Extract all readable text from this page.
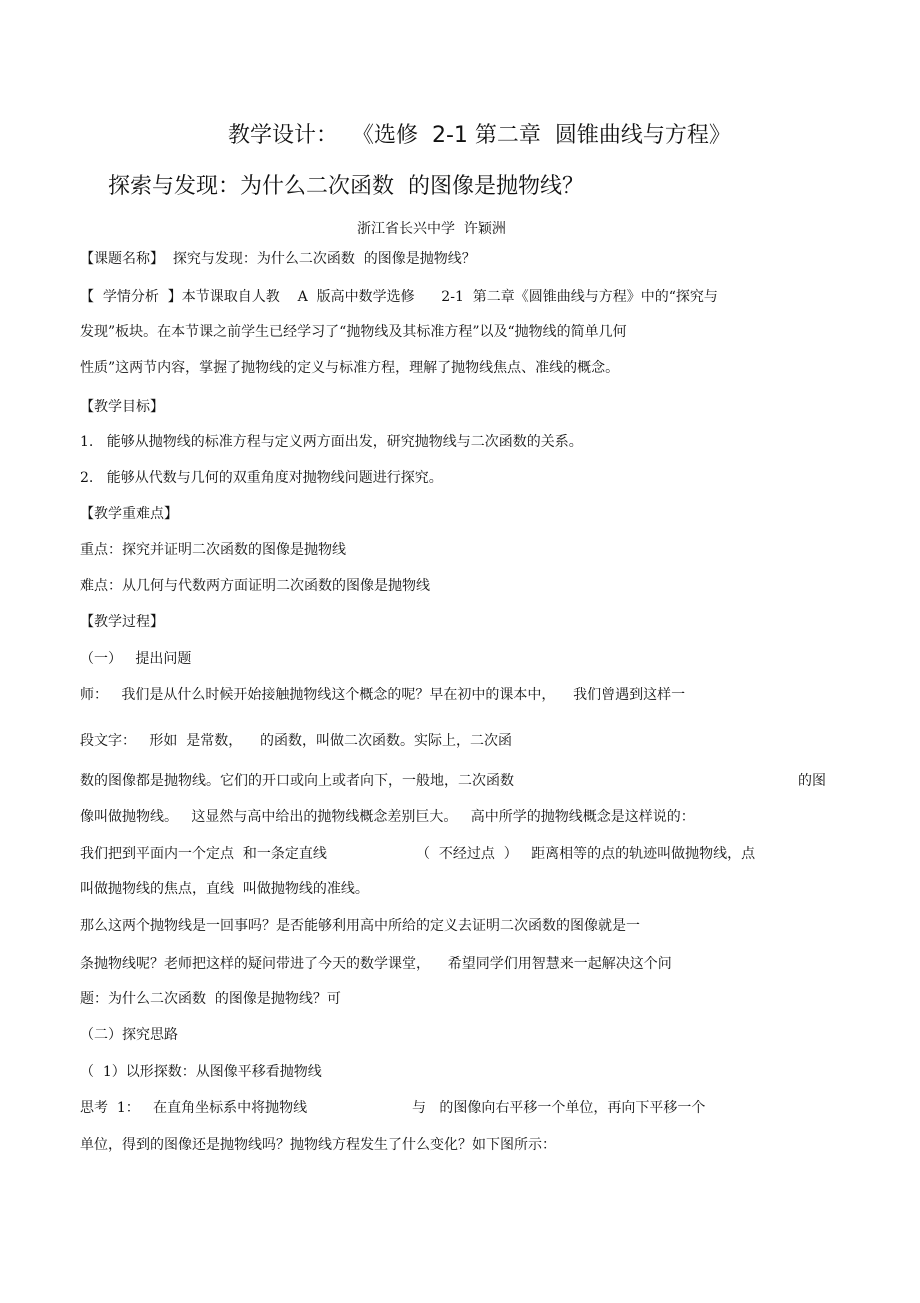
教学设计：  《选修  2-1 第二章  圆锥曲线与方程》
探索与发现：为什么二次函数  的图像是抛物线？
浙江省长兴中学  许颖洲
【课题名称】  探究与发现：为什么二次函数  的图像是抛物线？
【  学情分析  】本节课取自人教    A  版高中数学选修      2-1  第二章《圆锥曲线与方程》中的“探究与
发现”板块。在本节课之前学生已经学习了“抛物线及其标准方程”以及“抛物线的简单几何
性质”这两节内容，掌握了抛物线的定义与标准方程，理解了抛物线焦点、准线的概念。
【教学目标】
1.   能够从抛物线的标准方程与定义两方面出发，研究抛物线与二次函数的关系。
2.   能够从代数与几何的双重角度对抛物线问题进行探究。
【教学重难点】
重点：探究并证明二次函数的图像是抛物线
难点：从几何与代数两方面证明二次函数的图像是抛物线
【教学过程】
（一）   提出问题
师：   我们是从什么时候开始接触抛物线这个概念的呢？早在初中的课本中，    我们曾遇到这样一
段文字：   形如  是常数，    的函数，叫做二次函数。实际上，二次函
数的图像都是抛物线。它们的开口或向上或者向下，一般地，二次函数	的图
像叫做抛物线。   这显然与高中给出的抛物线概念差别巨大。   高中所学的抛物线概念是这样说的：
我们把到平面内一个定点  和一条定直线	（  不经过点  ）   距离相等的点的轨迹叫做抛物线，点
叫做抛物线的焦点，直线  叫做抛物线的准线。
那么这两个抛物线是一回事吗？是否能够利用高中所给的定义去证明二次函数的图像就是一
条抛物线呢？老师把这样的疑问带进了今天的数学课堂，    希望同学们用智慧来一起解决这个问
题：为什么二次函数  的图像是抛物线？可
（二）探究思路
（  1）以形探数：从图像平移看抛物线
思考  1：   在直角坐标系中将抛物线	与   的图像向右平移一个单位，再向下平移一个
单位，得到的图像还是抛物线吗？抛物线方程发生了什么变化？如下图所示：
